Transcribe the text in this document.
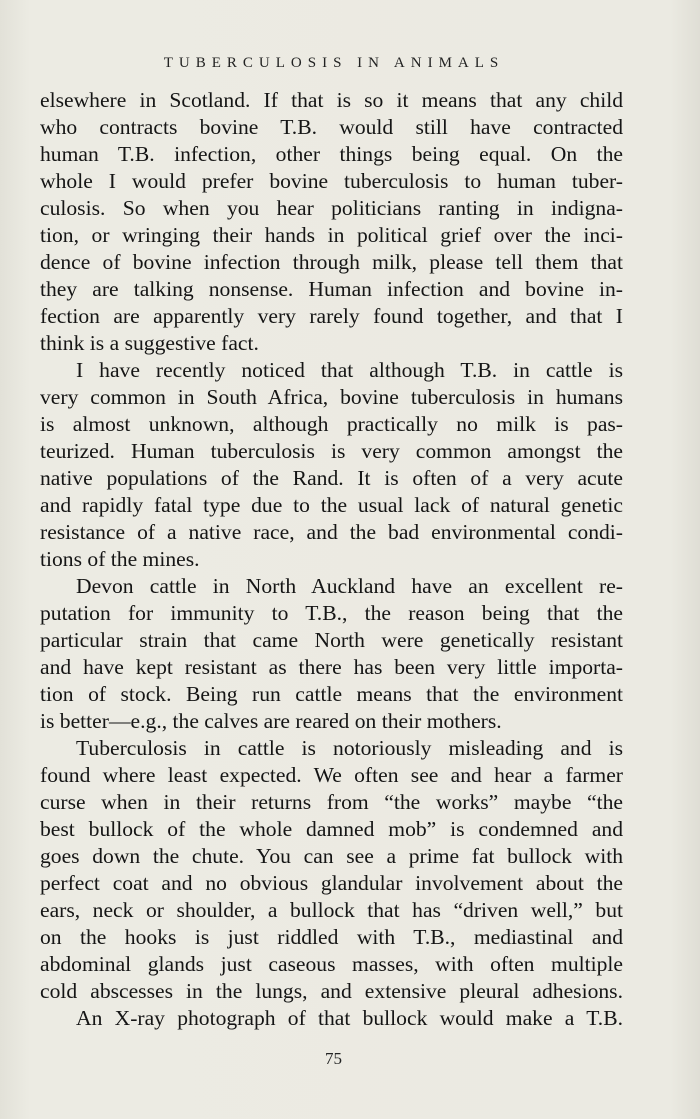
TUBERCULOSIS IN ANIMALS
elsewhere in Scotland. If that is so it means that any child
who contracts bovine T.B. would still have contracted
human T.B. infection, other things being equal. On the
whole I would prefer bovine tuberculosis to human tuber-
culosis. So when you hear politicians ranting in indigna-
tion, or wringing their hands in political grief over the inci-
dence of bovine infection through milk, please tell them that
they are talking nonsense. Human infection and bovine in-
fection are apparently very rarely found together, and that I
think is a suggestive fact.
I have recently noticed that although T.B. in cattle is
very common in South Africa, bovine tuberculosis in humans
is almost unknown, although practically no milk is pas-
teurized. Human tuberculosis is very common amongst the
native populations of the Rand. It is often of a very acute
and rapidly fatal type due to the usual lack of natural genetic
resistance of a native race, and the bad environmental condi-
tions of the mines.
Devon cattle in North Auckland have an excellent re-
putation for immunity to T.B., the reason being that the
particular strain that came North were genetically resistant
and have kept resistant as there has been very little importa-
tion of stock. Being run cattle means that the environment
is better—e.g., the calves are reared on their mothers.
Tuberculosis in cattle is notoriously misleading and is
found where least expected. We often see and hear a farmer
curse when in their returns from “the works” maybe “the
best bullock of the whole damned mob” is condemned and
goes down the chute. You can see a prime fat bullock with
perfect coat and no obvious glandular involvement about the
ears, neck or shoulder, a bullock that has “driven well,” but
on the hooks is just riddled with T.B., mediastinal and
abdominal glands just caseous masses, with often multiple
cold abscesses in the lungs, and extensive pleural adhesions.
An X-ray photograph of that bullock would make a T.B.
75
